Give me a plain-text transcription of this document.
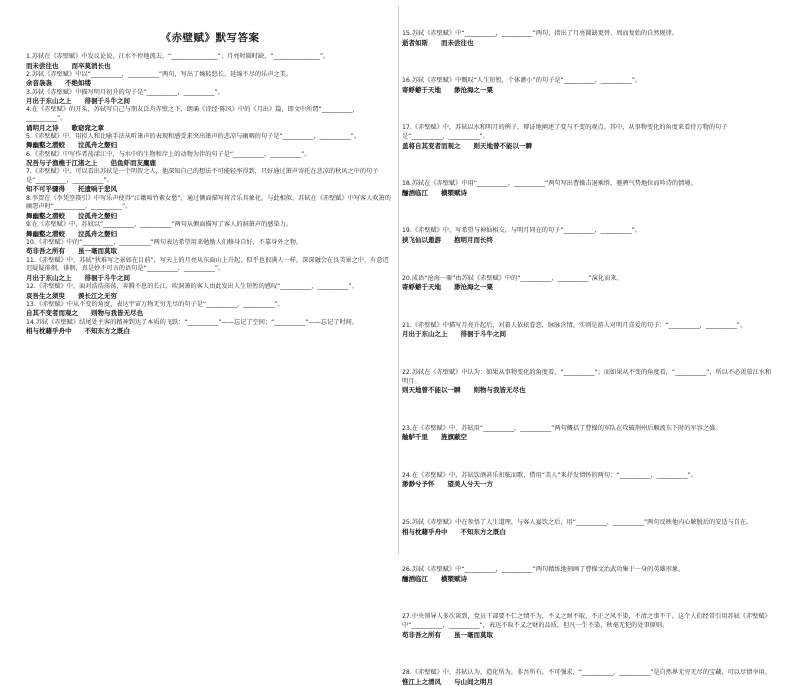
《赤壁赋》默写答案
1.苏轼在《赤壁赋》中发议论说，江水不停地流去，“_______________”；月亮时圆时缺，“_______________”。
而未尝往也　　而卒莫消长也
2.苏轼《赤壁赋》中以“__________，__________”两句，写出了婉转悠长、延绵不尽的乐声之美。
余音袅袅　　不绝如缕
3.苏轼《赤壁赋》中描写明月初升的句子是“__________，__________”。
月出于东山之上　　徘徊于斗牛之间
4.在《赤壁赋》的开头，苏轼写自己与朋友泛舟赤壁之下，朗诵《诗经·陈风》中的《月出》篇，即文中所谓“__________，__________”。
诵明月之诗　　歌窈窕之章
5.《赤壁赋》中，用拟人和比喻手法从听箫声的表现和感受来突出箫声的悲凉与幽咽的句子是“__________，__________”。
舞幽壑之潜蛟　　泣孤舟之嫠妇
6.《赤壁赋》中写作者荡漾江中，与水中的生物和岸上的动物为伴的句子是“__________，__________”。
况吾与子渔樵于江渚之上　　侣鱼虾而友麋鹿
7.《赤壁赋》中，可以看出苏轼是一个明智之人，他深知自己的想法不可能轻率得到，只好通过箫声寄托在悲凉的秋风之中的句子是“__________，__________”。
知不可乎骤得　　托遗响于悲风
8.李贺在《李凭箜篌引》中写乐声使得“江娥啼竹素女愁”，通过侧面描写将音乐具象化。与此相似，苏轼在《赤壁赋》中写客人吹箫的幽怨声时“__________，__________”。
舞幽壑之潜蛟　　泣孤舟之嫠妇
9.在《赤壁赋》中，苏轼以“__________，__________”两句从侧面描写了客人的洞箫声的感染力。
舞幽壑之潜蛟　　泣孤舟之嫠妇
10.《赤壁赋》中的“__________，__________”两句表达希望用来勉励人们修身自好，不靠身外之物。
苟非吾之所有　　虽一毫而莫取
11.《赤壁赋》中，苏轼“狄难写之景如在目前”，写天上的月亮从东面山上升起，似乎也很满人一样，深深融会在良美景之中，有意迟迟疑疑徘徊，徘徊，真是妙不可言的语句是“__________，__________”。
月出于东山之上　　徘徊于斗牛之间
12.《赤壁赋》中，面对浩浩荡荡，奔腾不息的长江，吹洞箫的客人由此发出人生短暂的感叹“__________，__________”。
哀吾生之须臾　　羡长江之无穷
13.《赤壁赋》中从不变的角度，表达宇宙万物无穷无尽的句子是“__________，__________”。
自其不变者而观之　　则物与我皆无尽也
14.苏轼《赤壁赋》结尾处主客的精神到达了本质的飞跃：“__________”——忘记了空间；“__________”——忘记了时间。
相与枕藉乎舟中　　不知东方之既白
15.苏轼《赤壁赋》中“__________，__________”两句，指出了月亮圆缺更替、周而复始的自然规律。
逝者如斯　　而未尝往也
16.苏轼《赤壁赋》中慨叹“人生短暂，个体渺小”的句子是“__________，__________”。
寄蜉蝣于天地　　渺沧海之一粟
17.《赤壁赋》中，苏轼以水和明月的例子，辩证地阐述了变与不变的观点。其中，从事物变化的角度来看待万物的句子是“__________，__________”。
盖将自其变者而观之　　则天地曾不能以一瞬
18.苏轼在《赤壁赋》中用“__________，__________”两句写出曹操击退乘胜、驰骋气势地位而吟诗的情境。
酾酒临江　　横槊赋诗
19.《赤壁赋》中，写希望与神仙相交，与明月同在的句子“__________，__________”。
挟飞仙以遨游　　抱明月而长终
20.成语“沧海一粟”由苏轼《赤壁赋》中的“__________，__________”演化而来。
寄蜉蝣于天地　　渺沧海之一粟
21.《赤壁赋》中描写月亮升起后，对着人依依眷恋，脉脉含情，实则是游人对明月喜爱的句子：“__________，__________”。
月出于东山之上　　徘徊于斗牛之间
22.苏轼在《赤壁赋》中认为：如果从事物变化的角度看，“__________”；而如果从不变的角度看，“__________”，所以不必羡慕江水和明月。
则天地曾不能以一瞬　　则物与我皆无尽也
23.在《赤壁赋》中，苏轼用“__________，__________”两句概括了曹操的军队在攻破荆州后顺流东下时的军容之盛。
舳舻千里　　旌旗蔽空
24.在《赤壁赋》中，苏轼饮酒甚乐扣舷而歌，借用“美人”来抒发情怀的两句：“__________，__________”。
渺渺兮予怀　　望美人兮天一方
25.苏轼《赤壁赋》中在参悟了人生道理，与客人宴饮之后，用“__________，__________”两句反映他内心解脱后的安适与自在。
相与枕藉乎舟中　　不知东方之既白
26.苏轼《赤壁赋》中“__________，__________”两句精练地刻画了曹操文治武功集于一身的英雄形象。
酾酒临江　　横槊赋诗
27.中央领导人多次谈到，党员干部要不仁之情不为，不义之财不取，不正之风不染，不清之事不干。这个人们经常引用苏轼《赤壁赋》中“__________，__________”，表达不取不义之财的品质。但凡一生不染，秋毫无犯的处事原则。
苟非吾之所有　　虽一毫而莫取
28.《赤壁赋》中，苏轼认为，造化所为，非吾所有，不可强求，“__________，__________”是自然界无穷无尽的宝藏，可以尽情享用。
惟江上之清风　　与山间之明月
